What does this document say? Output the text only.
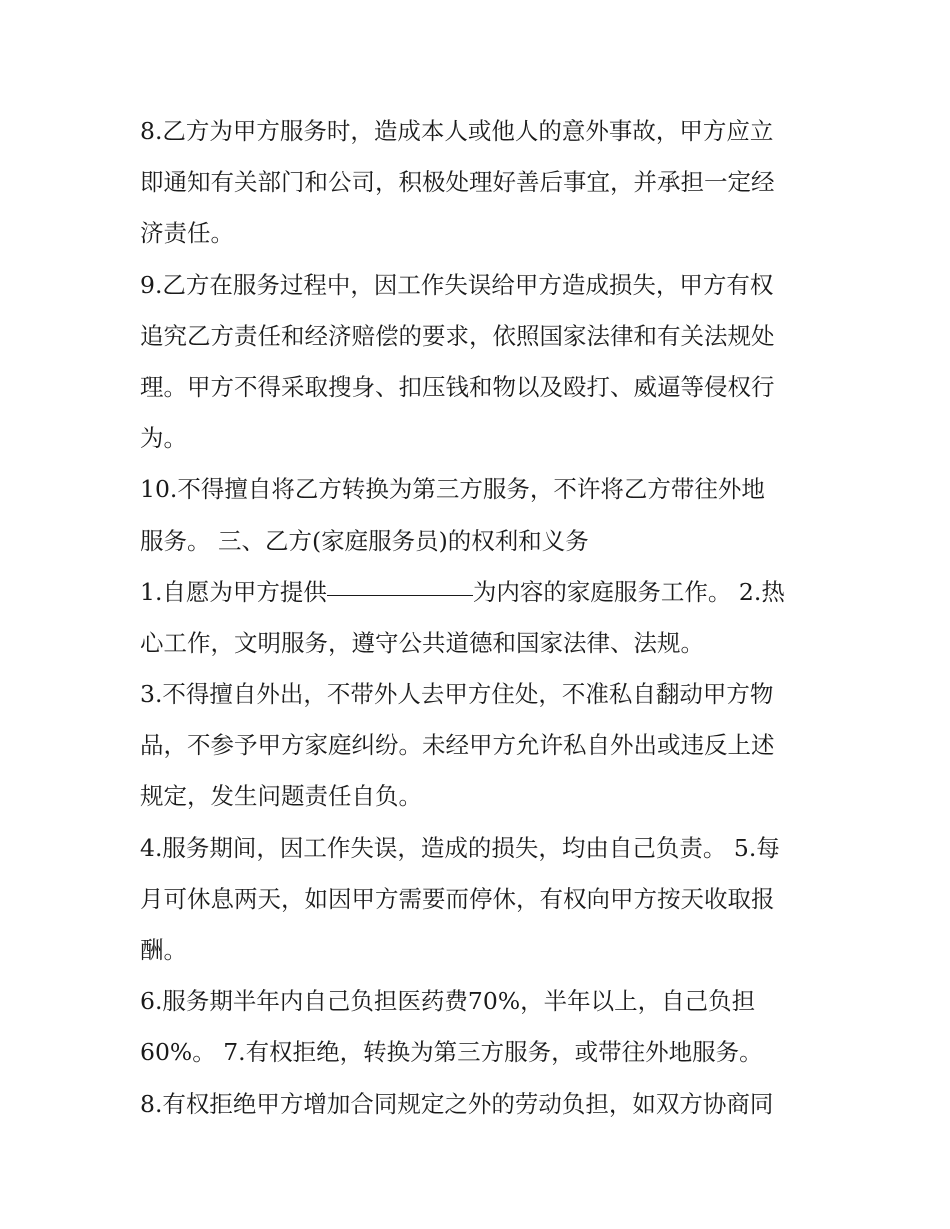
8.乙方为甲方服务时，造成本人或他人的意外事故，甲方应立
即通知有关部门和公司，积极处理好善后事宜，并承担一定经
济责任。
9.乙方在服务过程中，因工作失误给甲方造成损失，甲方有权
追究乙方责任和经济赔偿的要求，依照国家法律和有关法规处
理。甲方不得采取搜身、扣压钱和物以及殴打、威逼等侵权行
为。
10.不得擅自将乙方转换为第三方服务，不许将乙方带往外地
服务。 三、乙方(家庭服务员)的权利和义务
1.自愿为甲方提供	为内容的家庭服务工作。 2.热
心工作，文明服务，遵守公共道德和国家法律、法规。
3.不得擅自外出，不带外人去甲方住处，不准私自翻动甲方物
品，不参予甲方家庭纠纷。未经甲方允许私自外出或违反上述
规定，发生问题责任自负。
4.服务期间，因工作失误，造成的损失，均由自己负责。 5.每
月可休息两天，如因甲方需要而停休，有权向甲方按天收取报
酬。
6.服务期半年内自己负担医药费70%，半年以上，自己负担
60%。 7.有权拒绝，转换为第三方服务，或带往外地服务。
8.有权拒绝甲方增加合同规定之外的劳动负担，如双方协商同
